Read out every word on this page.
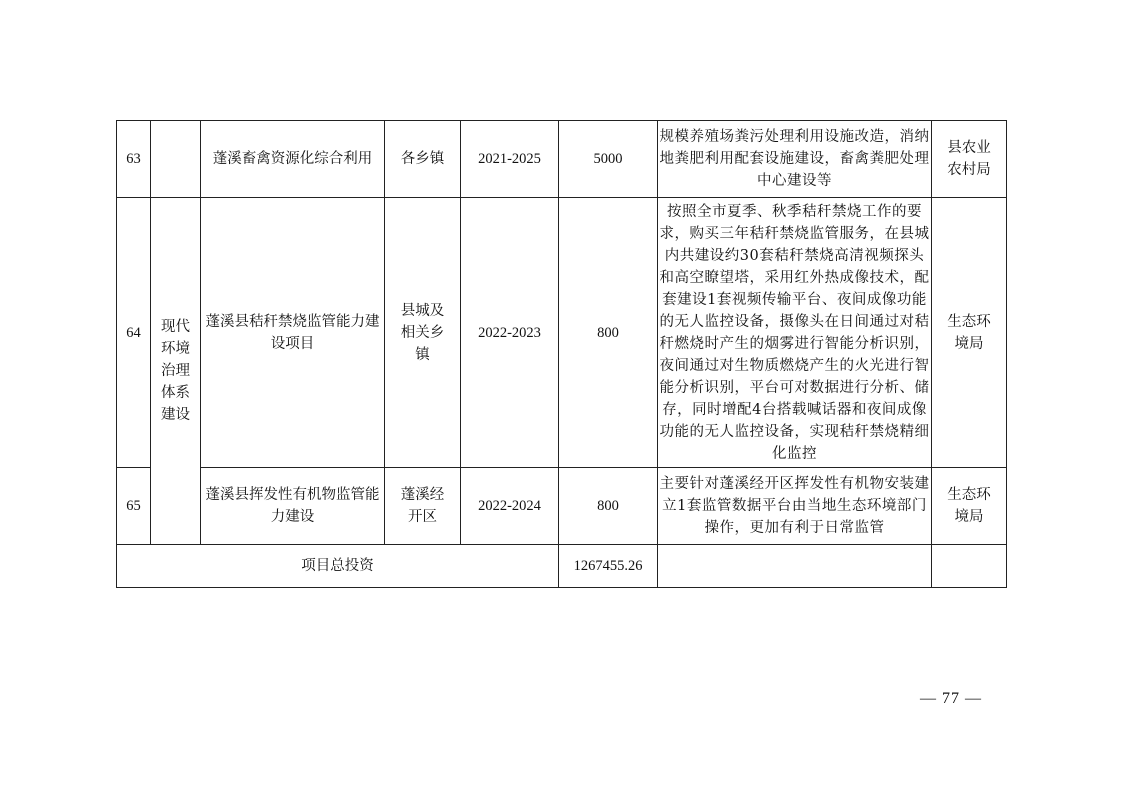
63		蓬溪畜禽资源化综合利用	各乡镇	2021-2025	5000	规模养殖场粪污处理利用设施改造，消纳地粪肥利用配套设施建设，畜禽粪肥处理中心建设等	县农业农村局
64	现代环境治理体系建设	蓬溪县秸秆禁烧监管能力建设项目	县城及相关乡镇	2022-2023	800	按照全市夏季、秋季秸秆禁烧工作的要求，购买三年秸秆禁烧监管服务，在县城内共建设约30套秸秆禁烧高清视频探头和高空瞭望塔，采用红外热成像技术，配套建设1套视频传输平台、夜间成像功能的无人监控设备，摄像头在日间通过对秸秆燃烧时产生的烟雾进行智能分析识别，夜间通过对生物质燃烧产生的火光进行智能分析识别，平台可对数据进行分析、储存，同时增配4台搭载喊话器和夜间成像功能的无人监控设备，实现秸秆禁烧精细化监控	生态环境局
65		蓬溪县挥发性有机物监管能力建设	蓬溪经开区	2022-2024	800	主要针对蓬溪经开区挥发性有机物安装建立1套监管数据平台由当地生态环境部门操作，更加有利于日常监管	生态环境局
项目总投资					1267455.26		
— 77 —
